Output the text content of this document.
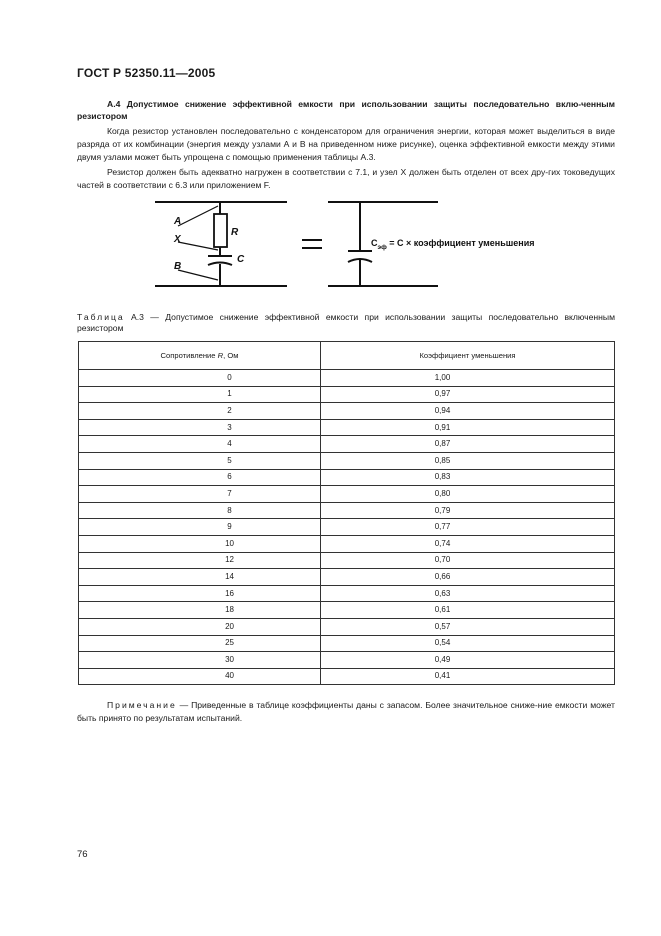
ГОСТ Р 52350.11—2005
А.4 Допустимое снижение эффективной емкости при использовании защиты последовательно вклю-ченным резистором
Когда резистор установлен последовательно с конденсатором для ограничения энергии, которая может выделиться в виде разряда от их комбинации (энергия между узлами А и В на приведенном ниже рисунке), оценка эффективной емкости между этими двумя узлами может быть упрощена с помощью применения таблицы А.3.
Резистор должен быть адекватно нагружен в соответствии с 7.1, и узел X должен быть отделен от всех дру-гих токоведущих частей в соответствии с 6.3 или приложением F.
A
X
B
R
C
$C_{эф} = C$ × коэффициент уменьшения
Таблица А.3 — Допустимое снижение эффективной емкости при использовании защиты последовательно включенным резистором
Сопротивление R, Ом	Коэффициент уменьшения
0	1,00
1	0,97
2	0,94
3	0,91
4	0,87
5	0,85
6	0,83
7	0,80
8	0,79
9	0,77
10	0,74
12	0,70
14	0,66
16	0,63
18	0,61
20	0,57
25	0,54
30	0,49
40	0,41
Примечание — Приведенные в таблице коэффициенты даны с запасом. Более значительное сниже-ние емкости может быть принято по результатам испытаний.
76
